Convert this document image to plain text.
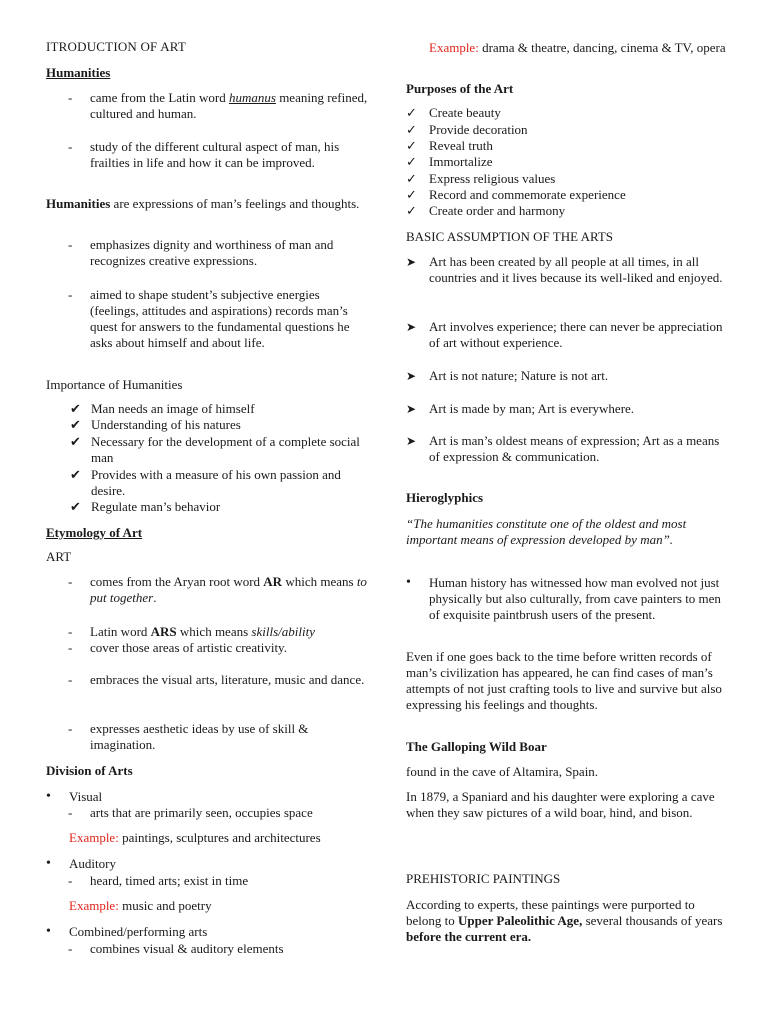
ITRODUCTION OF ART
Humanities
- came from the Latin word humanus meaning refined, cultured and human.
- study of the different cultural aspect of man, his frailties in life and how it can be improved.
Humanities are expressions of man’s feelings and thoughts.
- emphasizes dignity and worthiness of man and recognizes creative expressions.
- aimed to shape student’s subjective energies (feelings, attitudes and aspirations) records man’s quest for answers to the fundamental questions he asks about himself and about life.
Importance of Humanities
✔ Man needs an image of himself
✔ Understanding of his natures
✔ Necessary for the development of a complete social man
✔ Provides with a measure of his own passion and desire.
✔ Regulate man’s behavior
Etymology of Art
ART
- comes from the Aryan root word AR which means to put together.
- Latin word ARS which means skills/ability
- cover those areas of artistic creativity.
- embraces the visual arts, literature, music and dance.
- expresses aesthetic ideas by use of skill & imagination.
Division of Arts
• Visual
- arts that are primarily seen, occupies space
Example: paintings, sculptures and architectures
• Auditory
- heard, timed arts; exist in time
Example: music and poetry
• Combined/performing arts
- combines visual & auditory elements
Example: drama & theatre, dancing, cinema & TV, opera
Purposes of the Art
✓ Create beauty
✓ Provide decoration
✓ Reveal truth
✓ Immortalize
✓ Express religious values
✓ Record and commemorate experience
✓ Create order and harmony
BASIC ASSUMPTION OF THE ARTS
➤ Art has been created by all people at all times, in all countries and it lives because its well-liked and enjoyed.
➤ Art involves experience; there can never be appreciation of art without experience.
➤ Art is not nature; Nature is not art.
➤ Art is made by man; Art is everywhere.
➤ Art is man’s oldest means of expression; Art as a means of expression & communication.
Hieroglyphics
“The humanities constitute one of the oldest and most important means of expression developed by man”.
• Human history has witnessed how man evolved not just physically but also culturally, from cave painters to men of exquisite paintbrush users of the present.
Even if one goes back to the time before written records of man’s civilization has appeared, he can find cases of man’s attempts of not just crafting tools to live and survive but also expressing his feelings and thoughts.
The Galloping Wild Boar
found in the cave of Altamira, Spain.
In 1879, a Spaniard and his daughter were exploring a cave when they saw pictures of a wild boar, hind, and bison.
PREHISTORIC PAINTINGS
According to experts, these paintings were purported to belong to Upper Paleolithic Age, several thousands of years before the current era.
